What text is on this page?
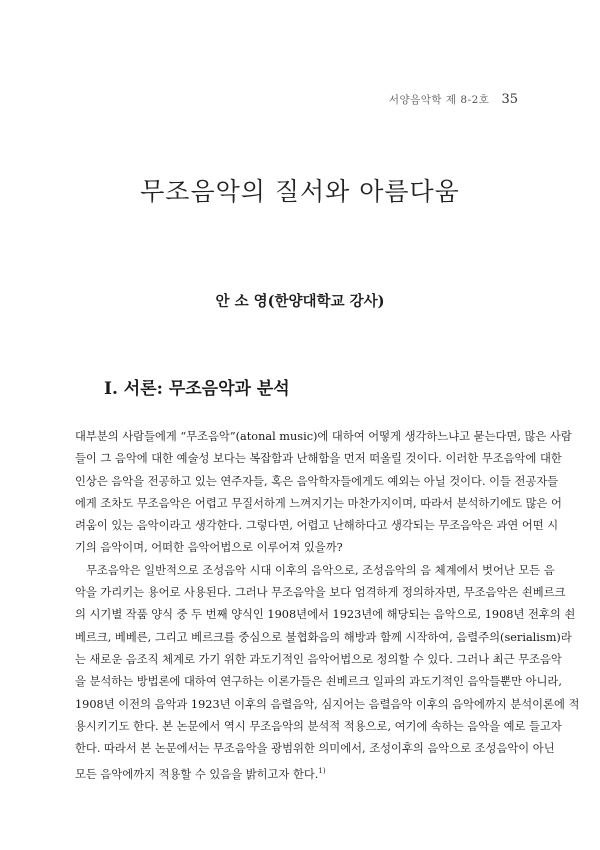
서양음악학 제 8-2호 35
무조음악의 질서와 아름다움

안 소 영(한양대학교 강사)

I. 서론: 무조음악과 분석

대부분의 사람들에게 “무조음악”(atonal music)에 대하여 어떻게 생각하느냐고 묻는다면, 많은 사람
들이 그 음악에 대한 예술성 보다는 복잡함과 난해함을 먼저 떠올릴 것이다. 이러한 무조음악에 대한
인상은 음악을 전공하고 있는 연주자들, 혹은 음악학자들에게도 예외는 아닐 것이다. 이들 전공자들
에게 조차도 무조음악은 어렵고 무질서하게 느껴지기는 마찬가지이며, 따라서 분석하기에도 많은 어
려움이 있는 음악이라고 생각한다. 그렇다면, 어렵고 난해하다고 생각되는 무조음악은 과연 어떤 시
기의 음악이며, 어떠한 음악어법으로 이루어져 있을까?

무조음악은 일반적으로 조성음악 시대 이후의 음악으로, 조성음악의 음 체계에서 벗어난 모든 음
악을 가리키는 용어로 사용된다. 그러나 무조음악을 보다 엄격하게 정의하자면, 무조음악은 쇤베르크
의 시기별 작품 양식 중 두 번째 양식인 1908년에서 1923년에 해당되는 음악으로, 1908년 전후의 쇤
베르크, 베베른, 그리고 베르크를 중심으로 불협화음의 해방과 함께 시작하여, 음렬주의(serialism)라
는 새로운 음조직 체계로 가기 위한 과도기적인 음악어법으로 정의할 수 있다. 그러나 최근 무조음악
을 분석하는 방법론에 대하여 연구하는 이론가들은 쇤베르크 일파의 과도기적인 음악들뿐만 아니라,
1908년 이전의 음악과 1923년 이후의 음렬음악, 심지어는 음렬음악 이후의 음악에까지 분석이론에 적
용시키기도 한다. 본 논문에서 역시 무조음악의 분석적 적용으로, 여기에 속하는 음악을 예로 들고자
한다. 따라서 본 논문에서는 무조음악을 광범위한 의미에서, 조성이후의 음악으로 조성음악이 아닌
모든 음악에까지 적용할 수 있음을 밝히고자 한다.$^{1)}$
